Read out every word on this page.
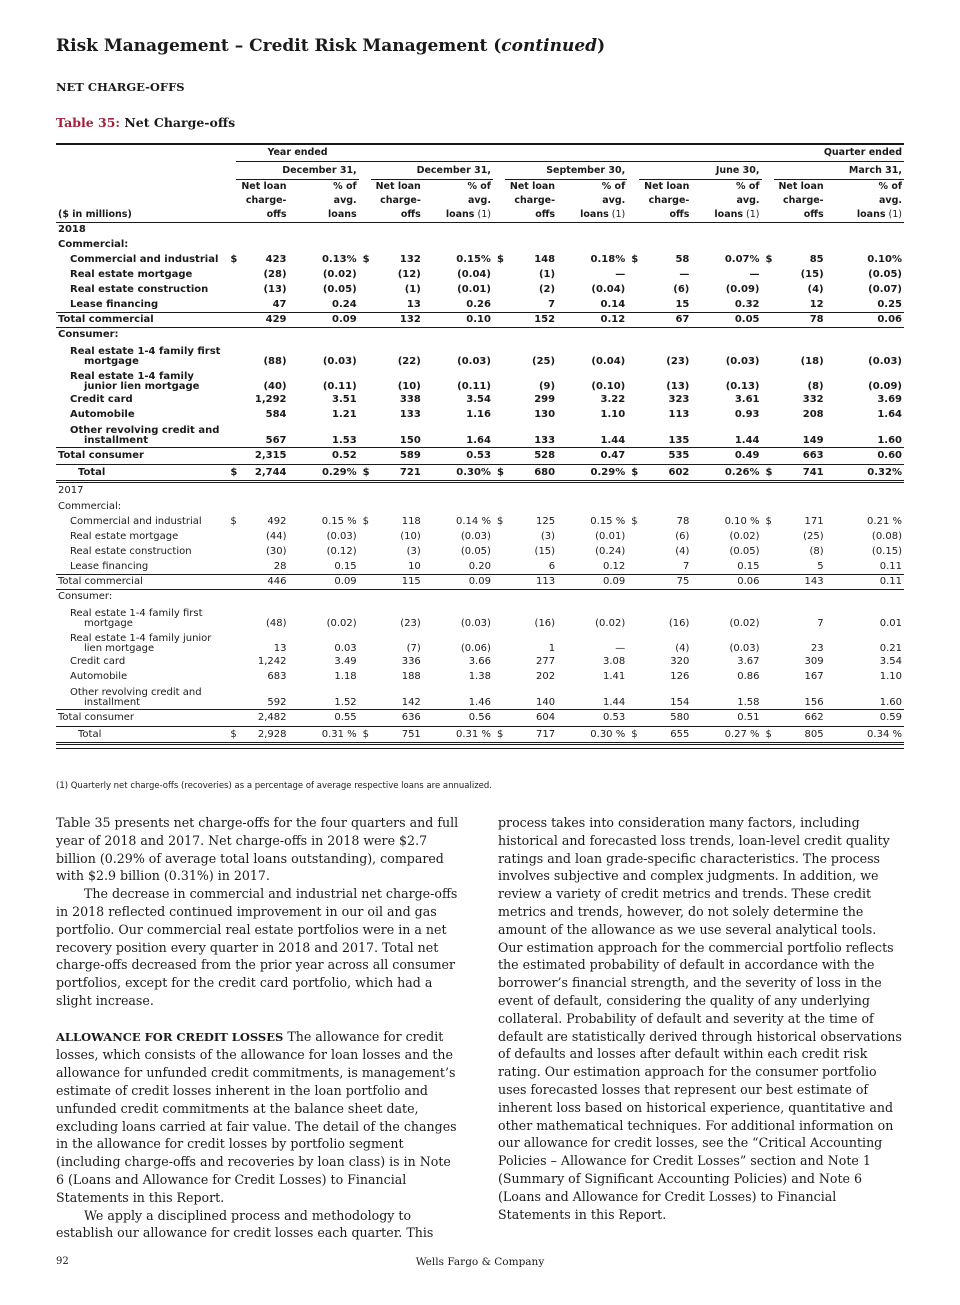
Risk Management – Credit Risk Management (continued)
NET CHARGE-OFFS
Table 35: Net Charge-offs

		Year ended		Quarter ended											
		December 31,			December 31,			September 30,			June 30,			March 31,	
		Net loan	% of		Net loan	% of		Net loan	% of		Net loan	% of		Net loan	% of
		charge-	avg.		charge-	avg.		charge-	avg.		charge-	avg.		charge-	avg.
($ in millions)		offs	loans		offs	loans (1)		offs	loans (1)		offs	loans (1)		offs	loans (1)
2018															
Commercial:															
Commercial and industrial	$	423	0.13%	$	132	0.15%	$	148	0.18%	$	58	0.07%	$	85	0.10%
Real estate mortgage		(28)	(0.02)		(12)	(0.04)		(1)	—		—	—		(15)	(0.05)
Real estate construction		(13)	(0.05)		(1)	(0.01)		(2)	(0.04)		(6)	(0.09)		(4)	(0.07)
Lease financing		47	0.24		13	0.26		7	0.14		15	0.32		12	0.25
Total commercial		429	0.09		132	0.10		152	0.12		67	0.05		78	0.06
Consumer:															
Real estate 1-4 family first
mortgage		(88)	(0.03)		(22)	(0.03)		(25)	(0.04)		(23)	(0.03)		(18)	(0.03)
Real estate 1-4 family
junior lien mortgage		(40)	(0.11)		(10)	(0.11)		(9)	(0.10)		(13)	(0.13)		(8)	(0.09)
Credit card		1,292	3.51		338	3.54		299	3.22		323	3.61		332	3.69
Automobile		584	1.21		133	1.16		130	1.10		113	0.93		208	1.64
Other revolving credit and
installment		567	1.53		150	1.64		133	1.44		135	1.44		149	1.60
Total consumer		2,315	0.52		589	0.53		528	0.47		535	0.49		663	0.60
Total	$	2,744	0.29%	$	721	0.30%	$	680	0.29%	$	602	0.26%	$	741	0.32%
2017															
Commercial:															
Commercial and industrial	$	492	0.15 %	$	118	0.14 %	$	125	0.15 %	$	78	0.10 %	$	171	0.21 %
Real estate mortgage		(44)	(0.03)		(10)	(0.03)		(3)	(0.01)		(6)	(0.02)		(25)	(0.08)
Real estate construction		(30)	(0.12)		(3)	(0.05)		(15)	(0.24)		(4)	(0.05)		(8)	(0.15)
Lease financing		28	0.15		10	0.20		6	0.12		7	0.15		5	0.11
Total commercial		446	0.09		115	0.09		113	0.09		75	0.06		143	0.11
Consumer:															
Real estate 1-4 family first
mortgage		(48)	(0.02)		(23)	(0.03)		(16)	(0.02)		(16)	(0.02)		7	0.01
Real estate 1-4 family junior
lien mortgage		13	0.03		(7)	(0.06)		1	—		(4)	(0.03)		23	0.21
Credit card		1,242	3.49		336	3.66		277	3.08		320	3.67		309	3.54
Automobile		683	1.18		188	1.38		202	1.41		126	0.86		167	1.10
Other revolving credit and
installment		592	1.52		142	1.46		140	1.44		154	1.58		156	1.60
Total consumer		2,482	0.55		636	0.56		604	0.53		580	0.51		662	0.59
Total	$	2,928	0.31 %	$	751	0.31 %	$	717	0.30 %	$	655	0.27 %	$	805	0.34 %

(1) Quarterly net charge-offs (recoveries) as a percentage of average respective loans are annualized.

Table 35 presents net charge-offs for the four quarters and full year of 2018 and 2017. Net charge-offs in 2018 were $2.7 billion (0.29% of average total loans outstanding), compared with $2.9 billion (0.31%) in 2017.

The decrease in commercial and industrial net charge-offs in 2018 reflected continued improvement in our oil and gas portfolio. Our commercial real estate portfolios were in a net recovery position every quarter in 2018 and 2017. Total net charge-offs decreased from the prior year across all consumer portfolios, except for the credit card portfolio, which had a slight increase.

ALLOWANCE FOR CREDIT LOSSES The allowance for credit losses, which consists of the allowance for loan losses and the allowance for unfunded credit commitments, is management’s estimate of credit losses inherent in the loan portfolio and unfunded credit commitments at the balance sheet date, excluding loans carried at fair value. The detail of the changes in the allowance for credit losses by portfolio segment (including charge-offs and recoveries by loan class) is in Note 6 (Loans and Allowance for Credit Losses) to Financial Statements in this Report.

We apply a disciplined process and methodology to establish our allowance for credit losses each quarter. This

process takes into consideration many factors, including historical and forecasted loss trends, loan-level credit quality ratings and loan grade-specific characteristics. The process involves subjective and complex judgments. In addition, we review a variety of credit metrics and trends. These credit metrics and trends, however, do not solely determine the amount of the allowance as we use several analytical tools. Our estimation approach for the commercial portfolio reflects the estimated probability of default in accordance with the borrower’s financial strength, and the severity of loss in the event of default, considering the quality of any underlying collateral. Probability of default and severity at the time of default are statistically derived through historical observations of defaults and losses after default within each credit risk rating. Our estimation approach for the consumer portfolio uses forecasted losses that represent our best estimate of inherent loss based on historical experience, quantitative and other mathematical techniques. For additional information on our allowance for credit losses, see the “Critical Accounting Policies – Allowance for Credit Losses” section and Note 1 (Summary of Significant Accounting Policies) and Note 6 (Loans and Allowance for Credit Losses) to Financial Statements in this Report.

92	Wells Fargo & Company
